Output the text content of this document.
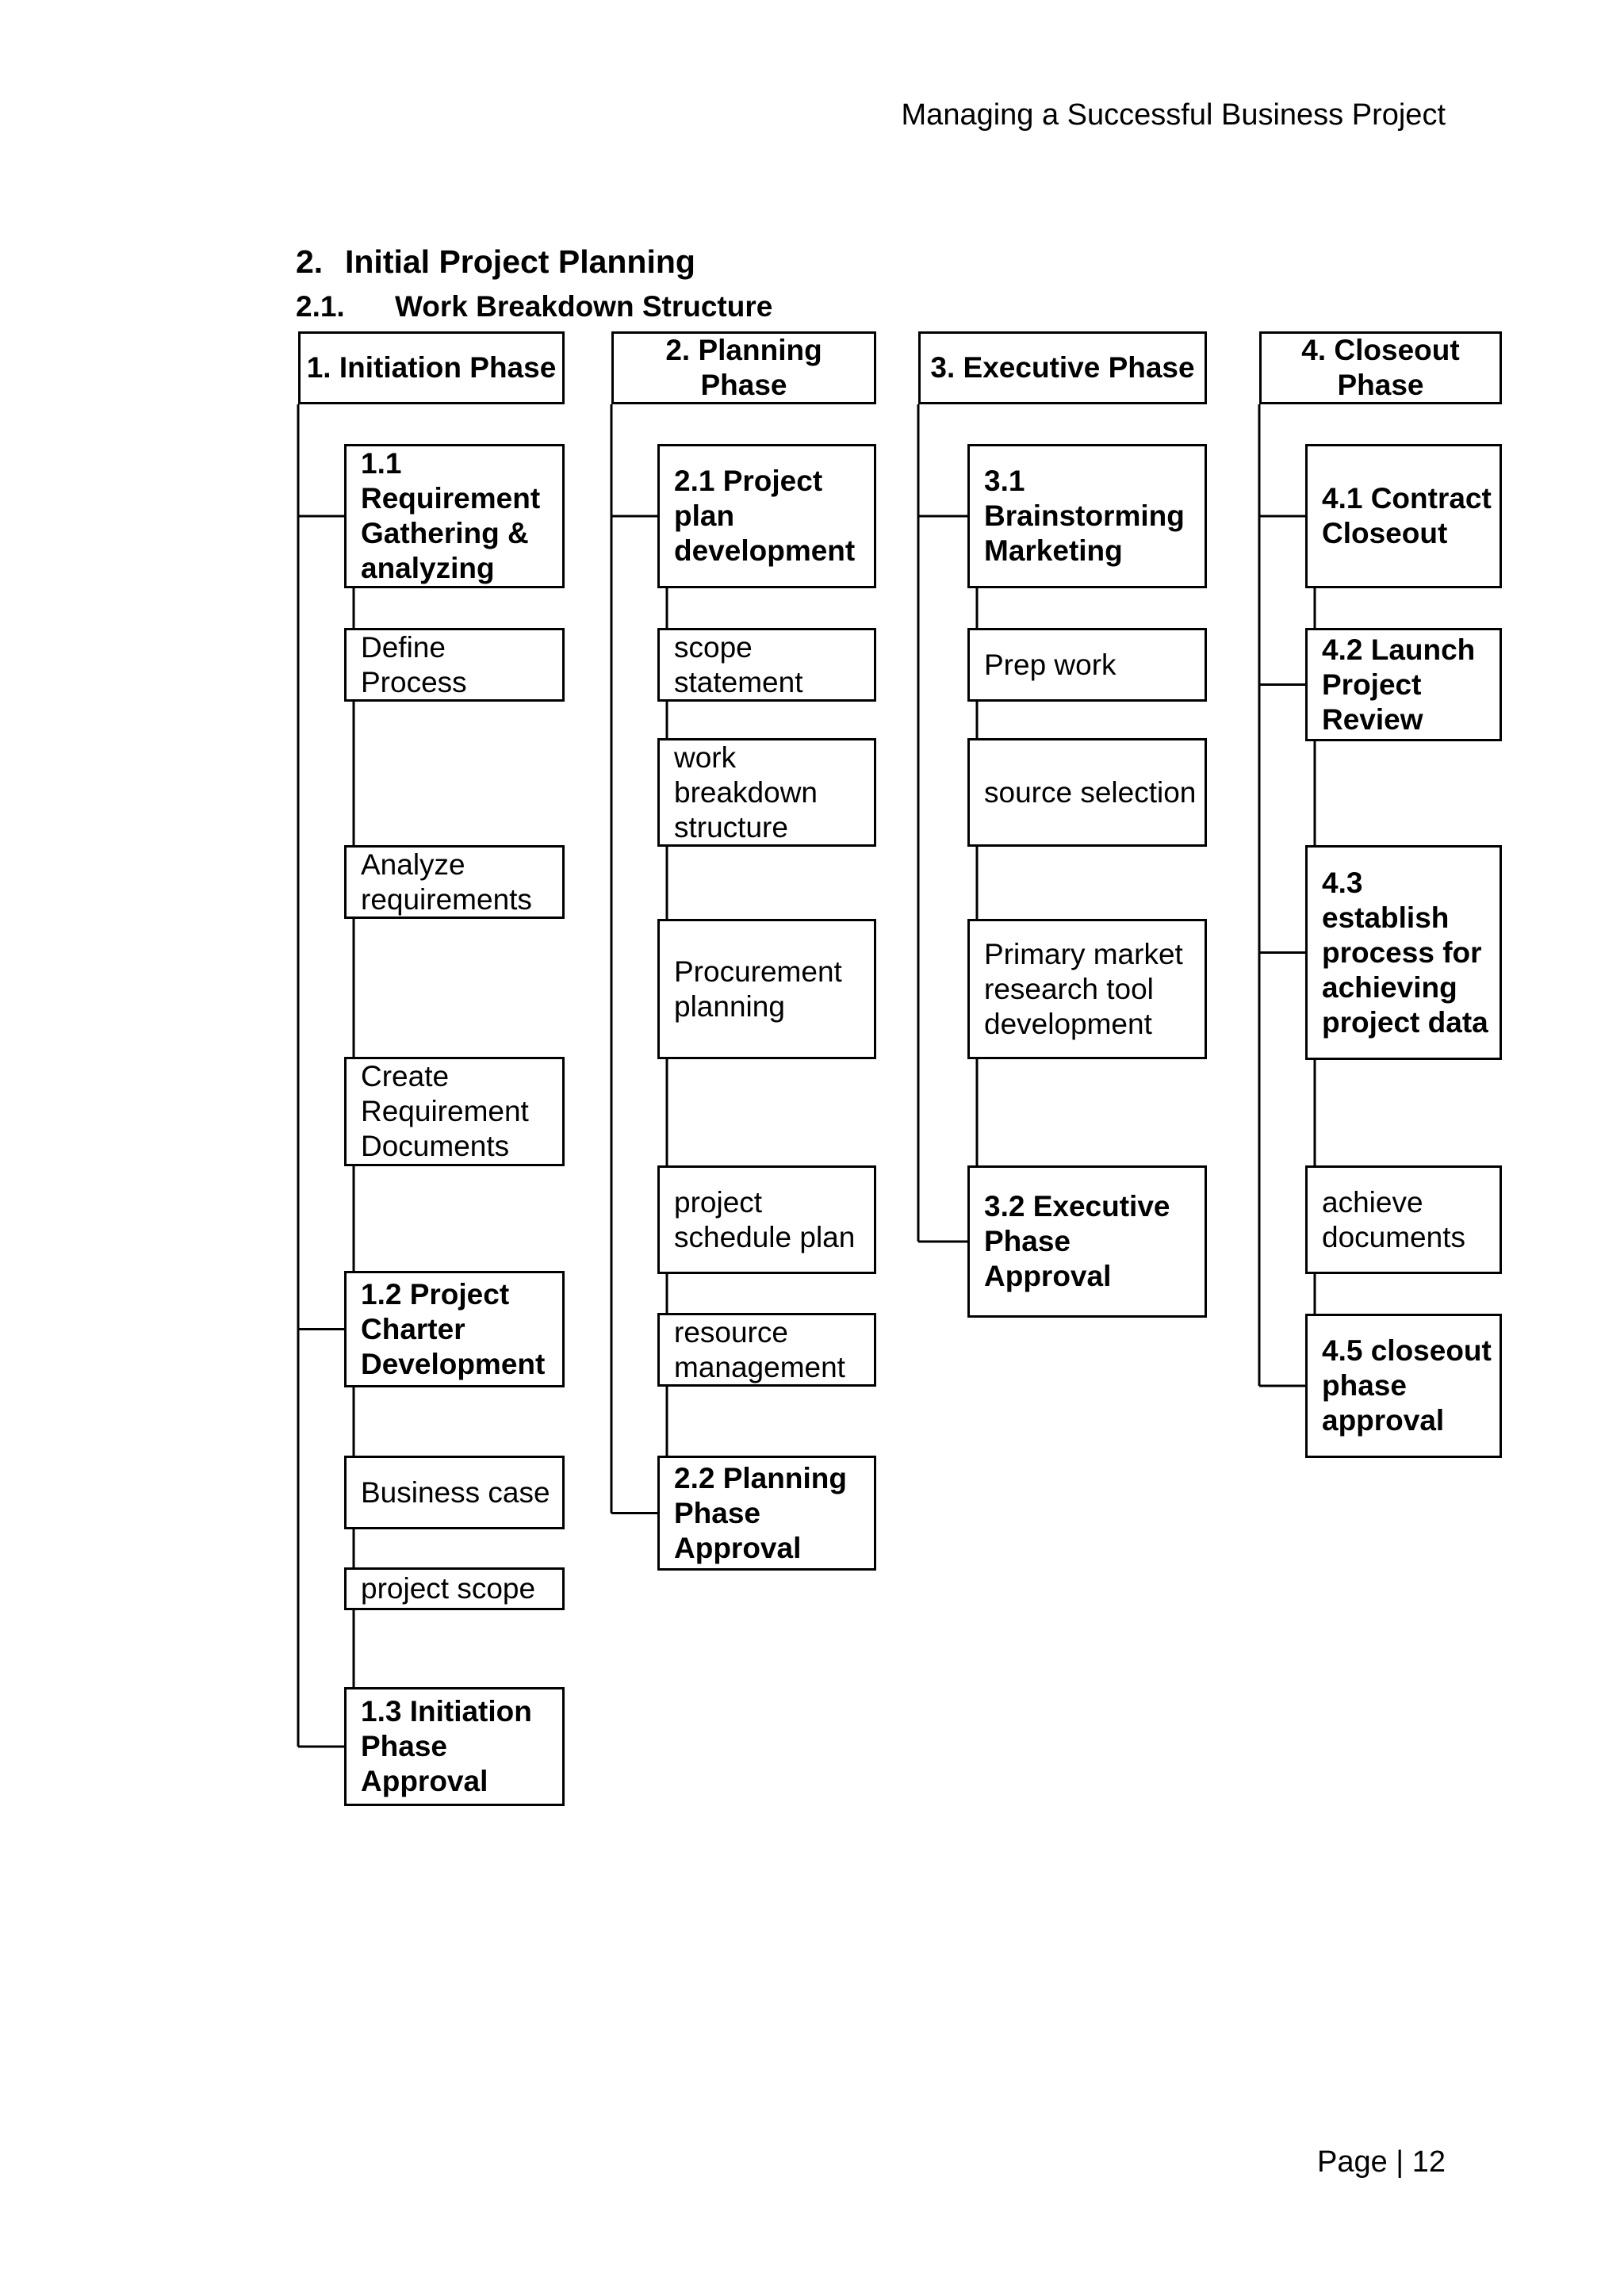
Managing a Successful Business Project
2. Initial Project Planning
2.1. Work Breakdown Structure
1. Initiation Phase
1.1 Requirement Gathering & analyzing
Define Process
Analyze requirements
Create Requirement Documents
1.2 Project Charter Development
Business case
project scope
1.3 Initiation Phase Approval
2. Planning Phase
2.1 Project plan development
scope statement
work breakdown structure
Procurement planning
project schedule plan
resource management
2.2 Planning Phase Approval
3. Executive Phase
3.1 Brainstorming Marketing
Prep work
source selection
Primary market research tool development
3.2 Executive Phase Approval
4. Closeout Phase
4.1 Contract Closeout
4.2 Launch Project Review
4.3 establish process for achieving project data
achieve documents
4.5 closeout phase approval
Page | 12
